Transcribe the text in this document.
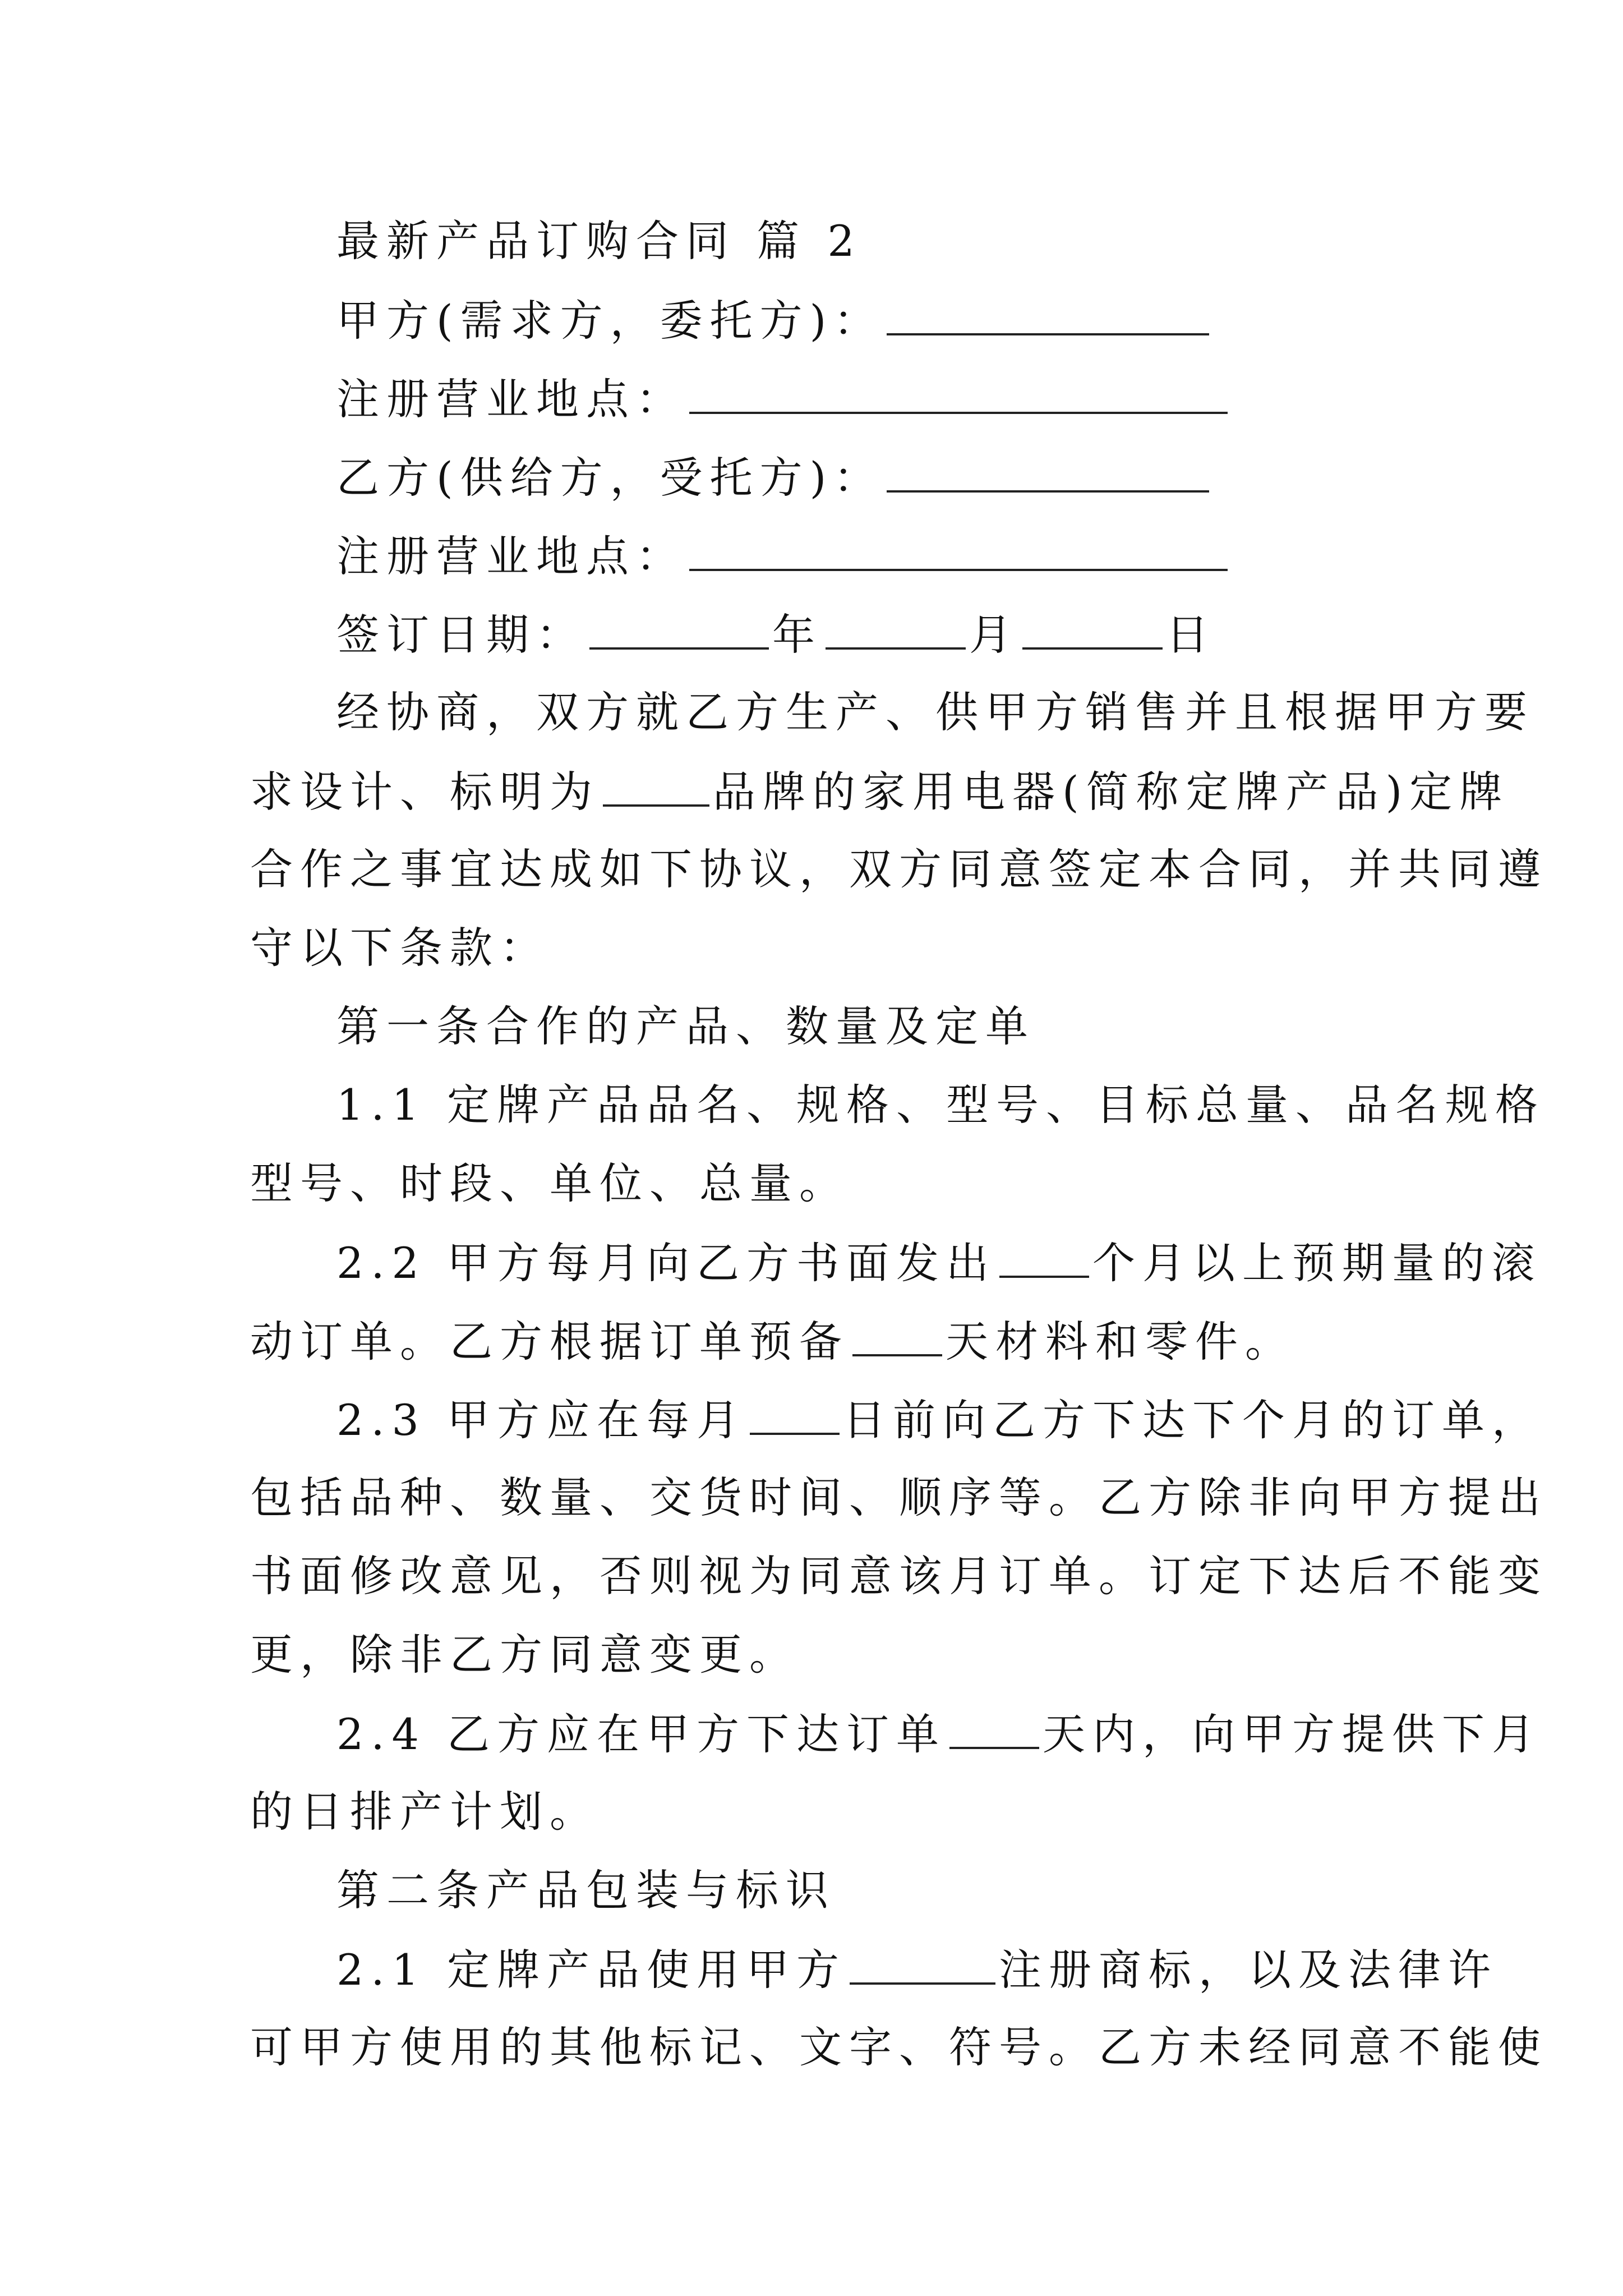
最新产品订购合同 篇 2
甲方(需求方，委托方)：
注册营业地点：
乙方(供给方，受托方)：
注册营业地点：
签订日期：	年	月	日
经协商，双方就乙方生产、供甲方销售并且根据甲方要
求设计、标明为	品牌的家用电器(简称定牌产品)定牌
合作之事宜达成如下协议，双方同意签定本合同，并共同遵
守以下条款：
第一条合作的产品、数量及定单
1.1 定牌产品品名、规格、型号、目标总量、品名规格
型号、时段、单位、总量。
2.2 甲方每月向乙方书面发出 个月以上预期量的滚
动订单。乙方根据订单预备 天材料和零件。
2.3 甲方应在每月 日前向乙方下达下个月的订单，
包括品种、数量、交货时间、顺序等。乙方除非向甲方提出
书面修改意见，否则视为同意该月订单。订定下达后不能变
更，除非乙方同意变更。
2.4 乙方应在甲方下达订单 天内，向甲方提供下月
的日排产计划。
第二条产品包装与标识
2.1 定牌产品使用甲方	注册商标，以及法律许
可甲方使用的其他标记、文字、符号。乙方未经同意不能使
